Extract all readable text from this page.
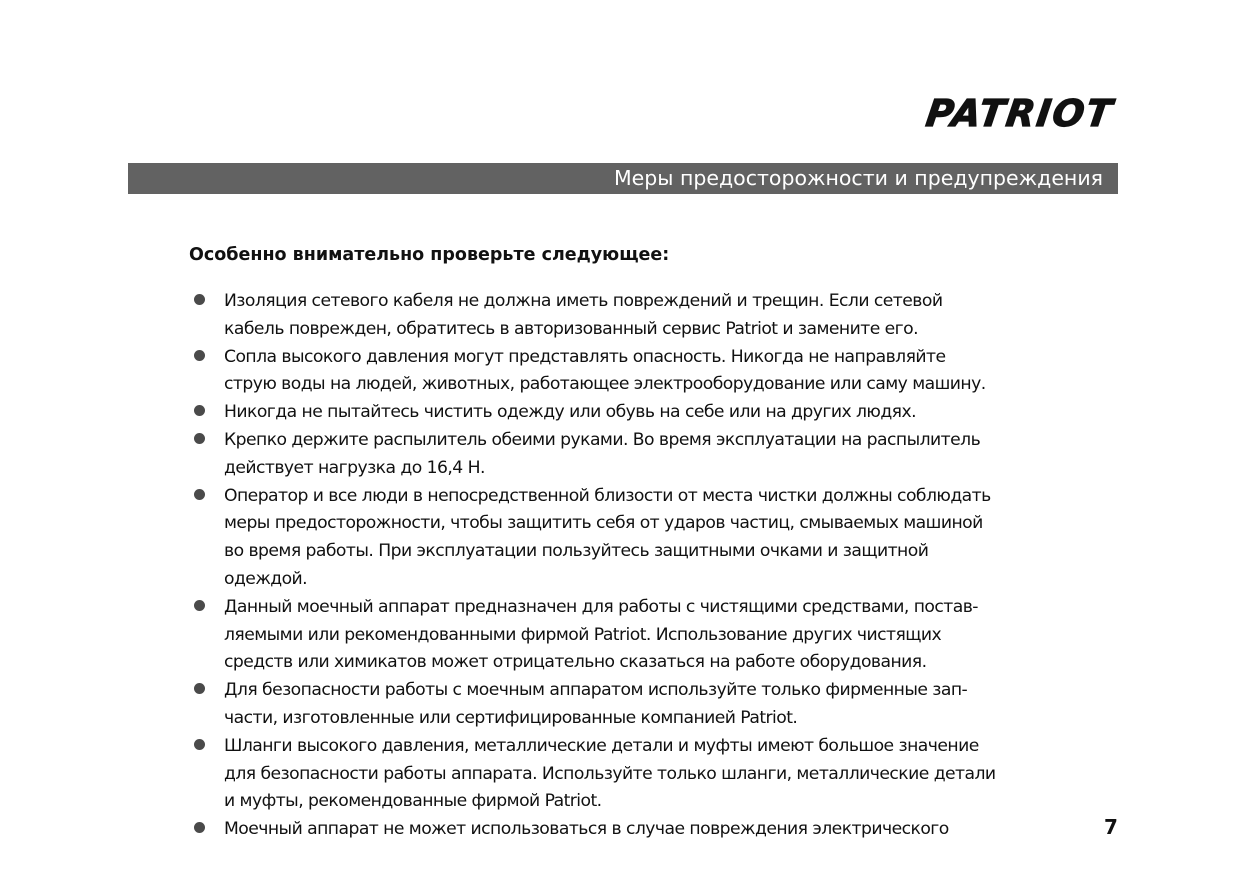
PATRIOT
Меры предосторожности и предупреждения
Особенно внимательно проверьте следующее:
Изоляция сетевого кабеля не должна иметь повреждений и трещин. Если сетевой
кабель поврежден, обратитесь в авторизованный сервис Patriot и замените его.
Сопла высокого давления могут представлять опасность. Никогда не направляйте
струю воды на людей, животных, работающее электрооборудование или саму машину.
Никогда не пытайтесь чистить одежду или обувь на себе или на других людях.
Крепко держите распылитель обеими руками. Во время эксплуатации на распылитель
действует нагрузка до 16,4 Н.
Оператор и все люди в непосредственной близости от места чистки должны соблюдать
меры предосторожности, чтобы защитить себя от ударов частиц, смываемых машиной
во время работы. При эксплуатации пользуйтесь защитными очками и защитной
одеждой.
Данный моечный аппарат предназначен для работы с чистящими средствами, постав-
ляемыми или рекомендованными фирмой Patriot. Использование других чистящих
средств или химикатов может отрицательно сказаться на работе оборудования.
Для безопасности работы с моечным аппаратом используйте только фирменные зап-
части, изготовленные или сертифицированные компанией Patriot.
Шланги высокого давления, металлические детали и муфты имеют большое значение
для безопасности работы аппарата. Используйте только шланги, металлические детали
и муфты, рекомендованные фирмой Patriot.
Моечный аппарат не может использоваться в случае повреждения электрического	7
